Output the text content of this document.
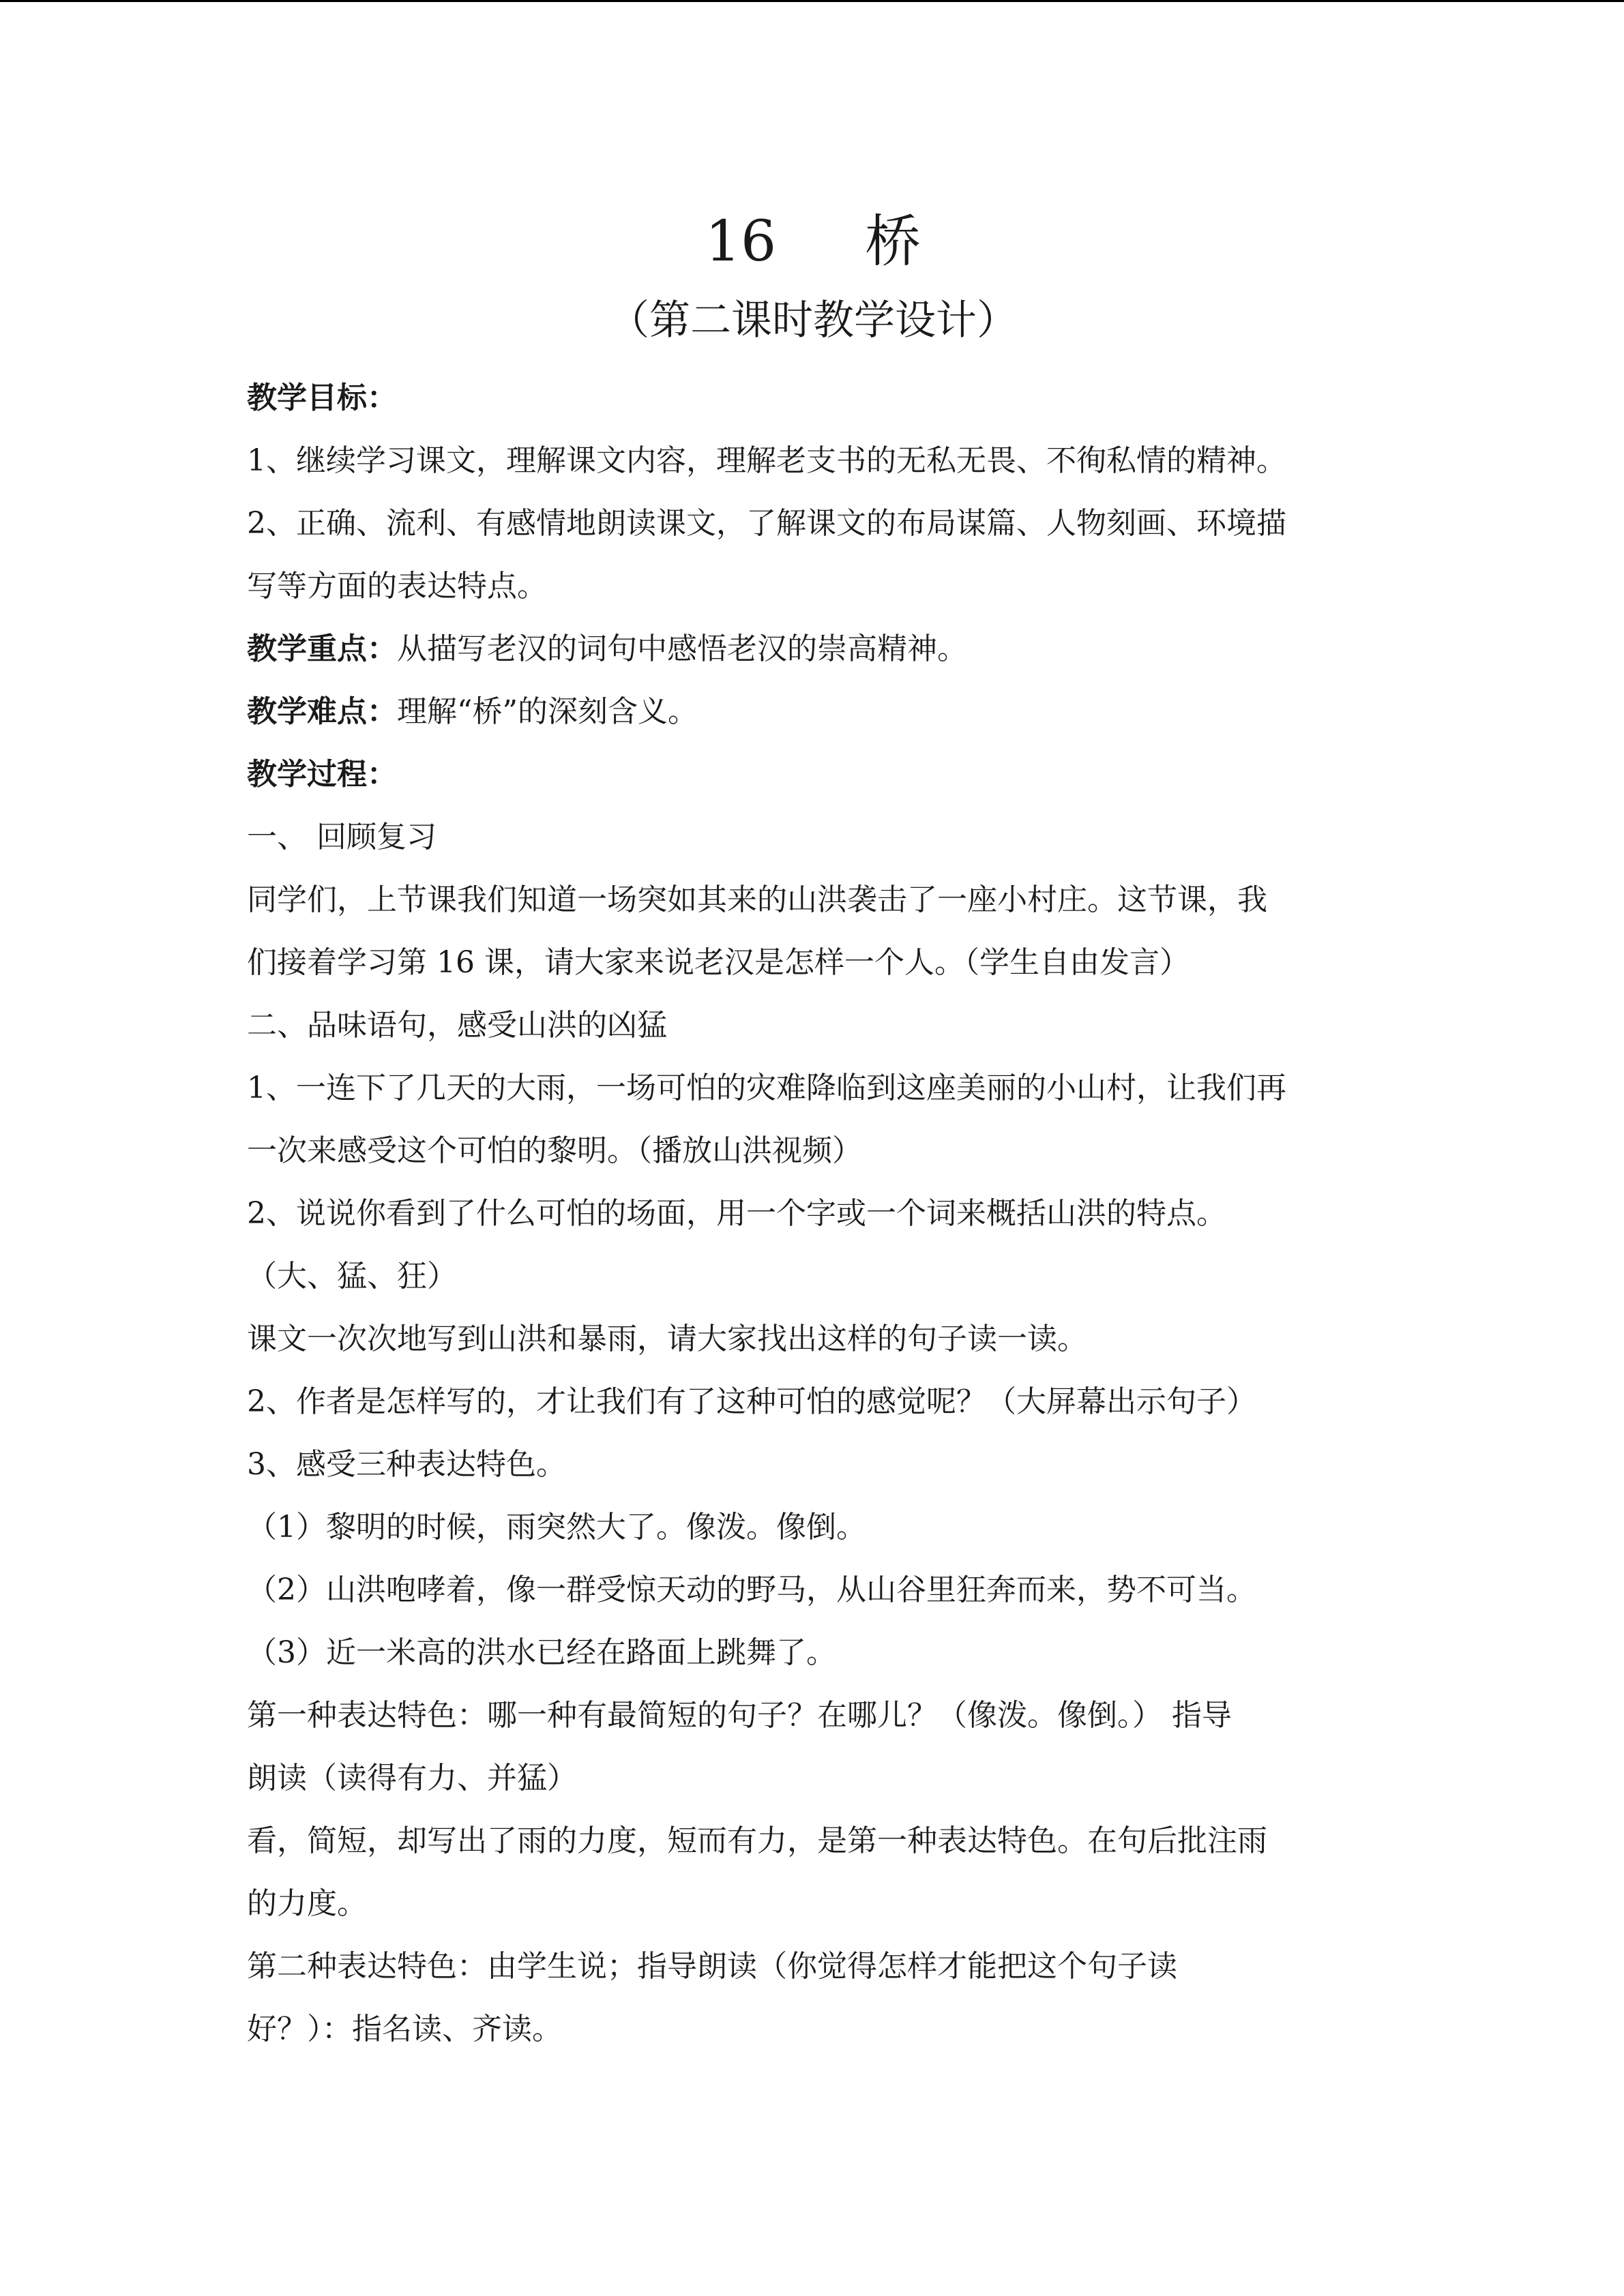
16 桥
（第二课时教学设计）

教学目标：

1、继续学习课文，理解课文内容，理解老支书的无私无畏、不徇私情的精神。

2、正确、流利、有感情地朗读课文，了解课文的布局谋篇、人物刻画、环境描

写等方面的表达特点。

教学重点：从描写老汉的词句中感悟老汉的崇高精神。

教学难点：理解“桥”的深刻含义。

教学过程：

一、 回顾复习

同学们，上节课我们知道一场突如其来的山洪袭击了一座小村庄。这节课，我

们接着学习第 16 课，请大家来说老汉是怎样一个人。（学生自由发言）

二、品味语句，感受山洪的凶猛

1、一连下了几天的大雨，一场可怕的灾难降临到这座美丽的小山村，让我们再

一次来感受这个可怕的黎明。（播放山洪视频）

2、说说你看到了什么可怕的场面，用一个字或一个词来概括山洪的特点。

（大、猛、狂）

课文一次次地写到山洪和暴雨，请大家找出这样的句子读一读。

2、作者是怎样写的，才让我们有了这种可怕的感觉呢？（大屏幕出示句子）

3、感受三种表达特色。

（1）黎明的时候，雨突然大了。像泼。像倒。

（2）山洪咆哮着，像一群受惊天动的野马，从山谷里狂奔而来，势不可当。

（3）近一米高的洪水已经在路面上跳舞了。

第一种表达特色：哪一种有最简短的句子？在哪儿？（像泼。像倒。） 指导

朗读（读得有力、并猛）

看，简短，却写出了雨的力度，短而有力，是第一种表达特色。在句后批注雨

的力度。

第二种表达特色：由学生说；指导朗读（你觉得怎样才能把这个句子读

好？）：指名读、齐读。
